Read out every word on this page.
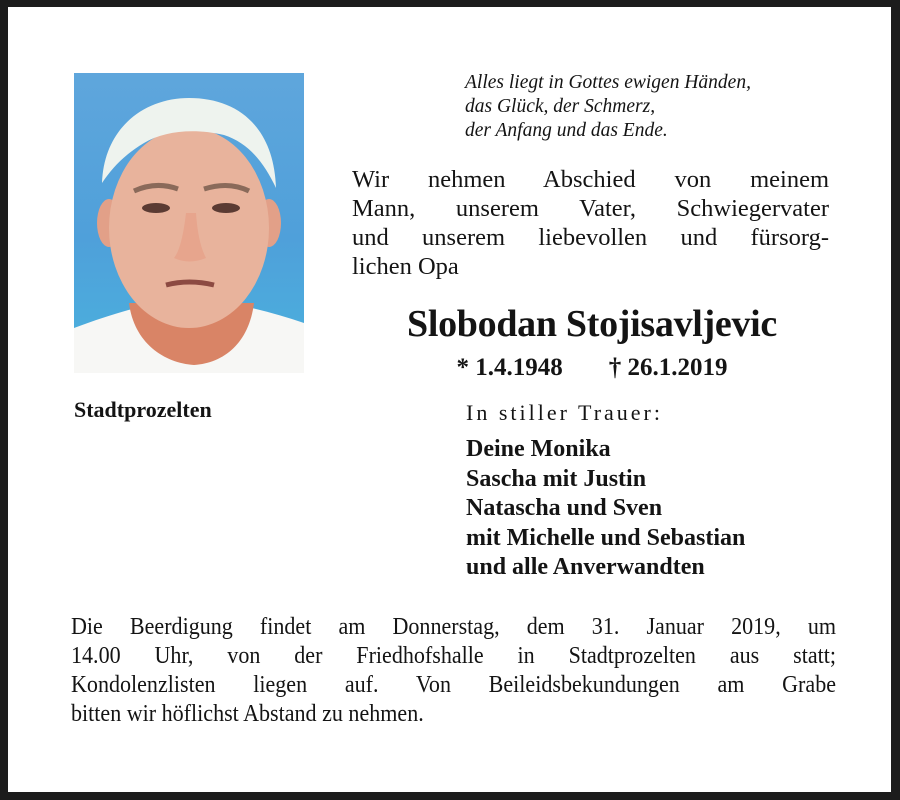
Stadtprozelten
Alles liegt in Gottes ewigen Händen,
das Glück, der Schmerz,
der Anfang und das Ende.
Wir nehmen Abschied von meinem
Mann, unserem Vater, Schwiegervater
und unserem liebevollen und fürsorg-
lichen Opa
Slobodan Stojisavljevic
* 1.4.1948 † 26.1.2019
In stiller Trauer:
Deine Monika
Sascha mit Justin
Natascha und Sven
mit Michelle und Sebastian
und alle Anverwandten
Die Beerdigung findet am Donnerstag, dem 31. Januar 2019, um
14.00 Uhr, von der Friedhofshalle in Stadtprozelten aus statt;
Kondolenzlisten liegen auf. Von Beileidsbekundungen am Grabe
bitten wir höflichst Abstand zu nehmen.
